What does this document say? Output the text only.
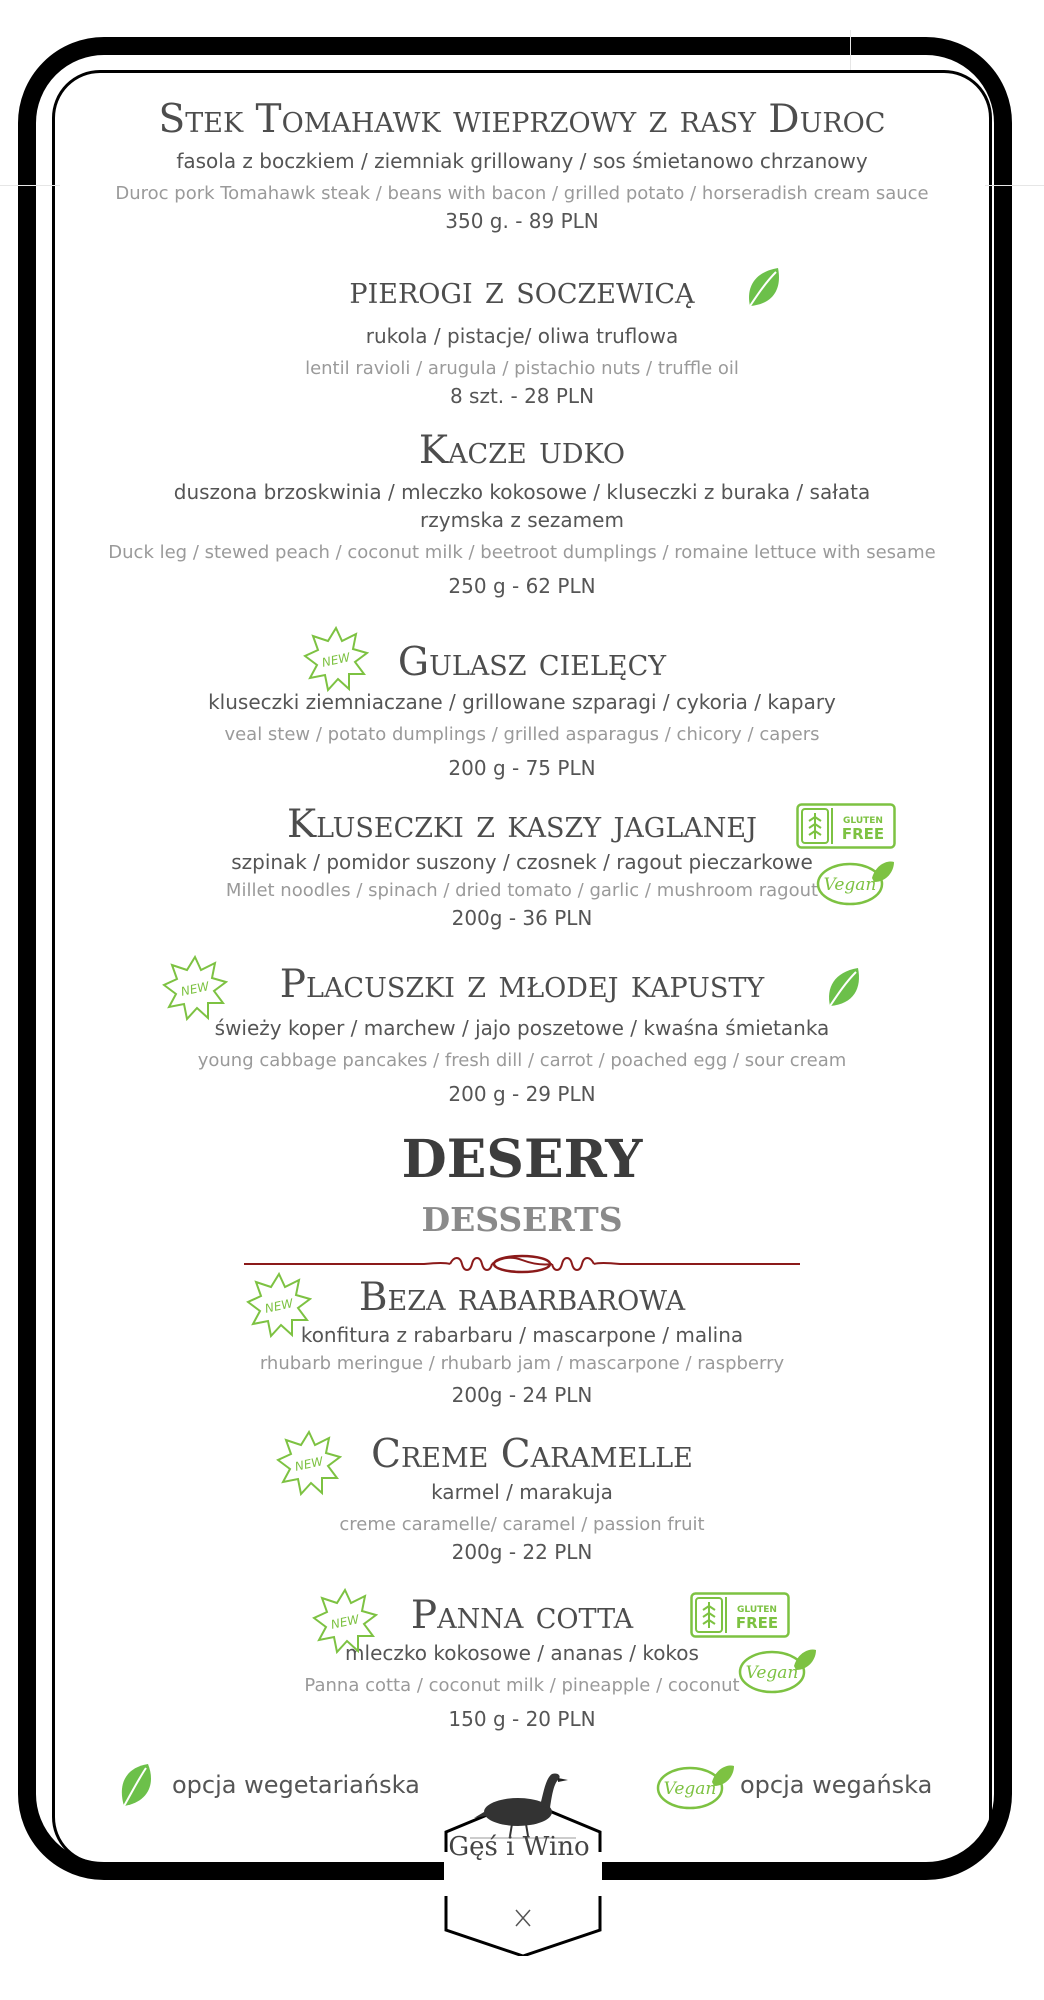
Stek Tomahawk wieprzowy z rasy Duroc
fasola z boczkiem / ziemniak grillowany / sos śmietanowo chrzanowy
Duroc pork Tomahawk steak / beans with bacon / grilled potato / horseradish cream sauce
350 g. - 89 PLN
pierogi z soczewicą
rukola / pistacje/ oliwa truflowa
lentil ravioli / arugula / pistachio nuts / truffle oil
8 szt. - 28 PLN
Kacze udko
duszona brzoskwinia / mleczko kokosowe / kluseczki z buraka / sałata rzymska z sezamem
Duck leg / stewed peach / coconut milk / beetroot dumplings / romaine lettuce with sesame
250 g - 62 PLN
Gulasz cielęcy
kluseczki ziemniaczane / grillowane szparagi / cykoria / kapary
veal stew / potato dumplings / grilled asparagus / chicory / capers
200 g - 75 PLN
NEW
Kluseczki z kaszy jaglanej
szpinak / pomidor suszony / czosnek / ragout pieczarkowe
Millet noodles / spinach / dried tomato / garlic / mushroom ragout
200g - 36 PLN
GLUTEN
FREE
Vegan
Placuszki z młodej kapusty
świeży koper / marchew / jajo poszetowe / kwaśna śmietanka
young cabbage pancakes / fresh dill / carrot / poached egg / sour cream
200 g - 29 PLN
NEW
DESERY
DESSERTS
Beza rabarbarowa
konfitura z rabarbaru / mascarpone / malina
rhubarb meringue / rhubarb jam / mascarpone / raspberry
200g - 24 PLN
NEW
Creme Caramelle
karmel / marakuja
creme caramelle/ caramel / passion fruit
200g - 22 PLN
NEW
Panna cotta
mleczko kokosowe / ananas / kokos
Panna cotta / coconut milk / pineapple / coconut
150 g - 20 PLN
NEW
GLUTEN
FREE
Vegan
opcja wegetariańska	Vegan opcja wegańska
Gęś i Wino
